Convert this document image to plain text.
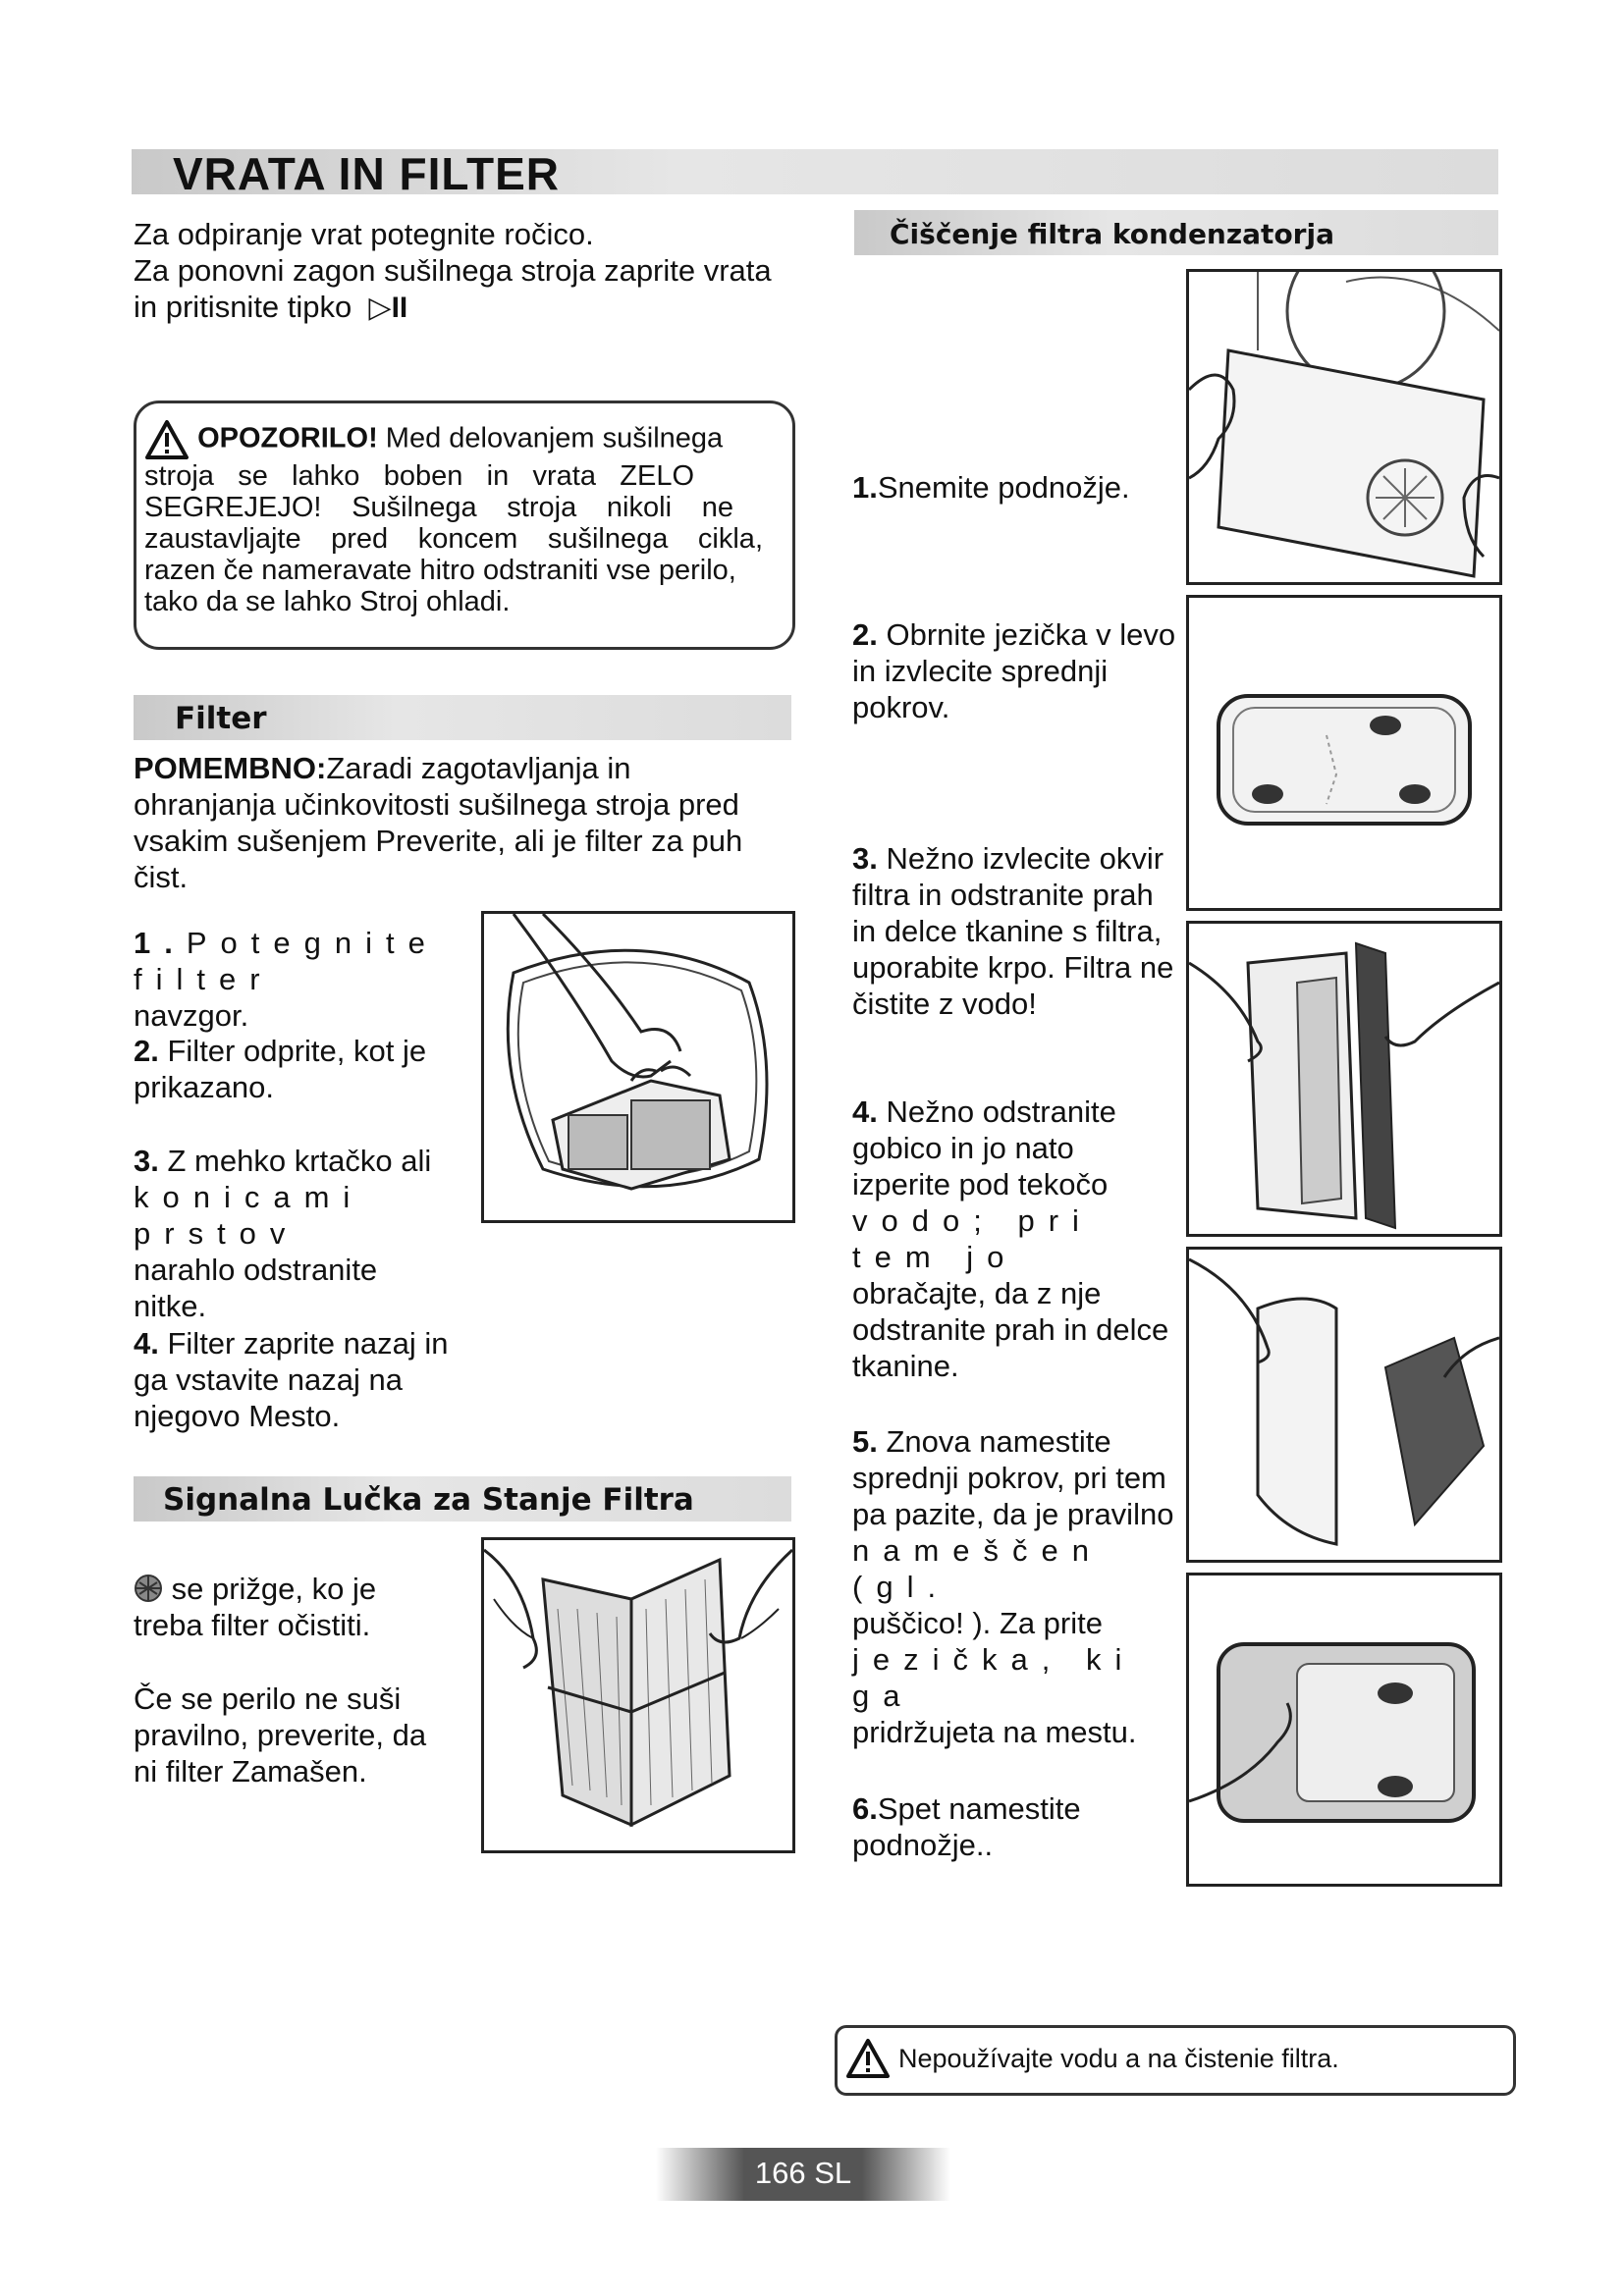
VRATA IN FILTER
Za odpiranje vrat potegnite ročico.
Za ponovni zagon sušilnega stroja zaprite vrata
in pritisnite tipko ▷II
OPOZORILO! Med delovanjem sušilnega
stroja se lahko boben in vrata ZELO
SEGREJEJO! Sušilnega stroja nikoli ne
zaustavljajte pred koncem sušilnega cikla,
razen če nameravate hitro odstraniti vse perilo,
tako da se lahko Stroj ohladi.
Filter
POMEMBNO:Zaradi zagotavljanja in
ohranjanja učinkovitosti sušilnega stroja pred
vsakim sušenjem Preverite, ali je filter za puh
čist.
1.Potegnite filter
navzgor.
2. Filter odprite, kot je
prikazano.
3. Z mehko krtačko ali
konicami prstov
narahlo odstranite
nitke.
4. Filter zaprite nazaj in
ga vstavite nazaj na
njegovo Mesto.
Signalna Lučka za Stanje Filtra
se prižge, ko je
treba filter očistiti.
Če se perilo ne suši
pravilno, preverite, da
ni filter Zamašen.
Čiščenje filtra kondenzatorja
1.Snemite podnožje.
2. Obrnite jezička v levo
in izvlecite sprednji
pokrov.
3. Nežno izvlecite okvir
filtra in odstranite prah
in delce tkanine s filtra,
uporabite krpo. Filtra ne
čistite z vodo!
4. Nežno odstranite
gobico in jo nato
izperite pod tekočo
vodo; pri tem jo
obračajte, da z nje
odstranite prah in delce
tkanine.
5. Znova namestite
sprednji pokrov, pri tem
pa pazite, da je pravilno
nameščen (gl.
puščico! ). Za prite
jezička, ki ga
pridržujeta na mestu.
6.Spet namestite
podnožje..
Nepoužívajte vodu a na čistenie filtra.
166 SL
